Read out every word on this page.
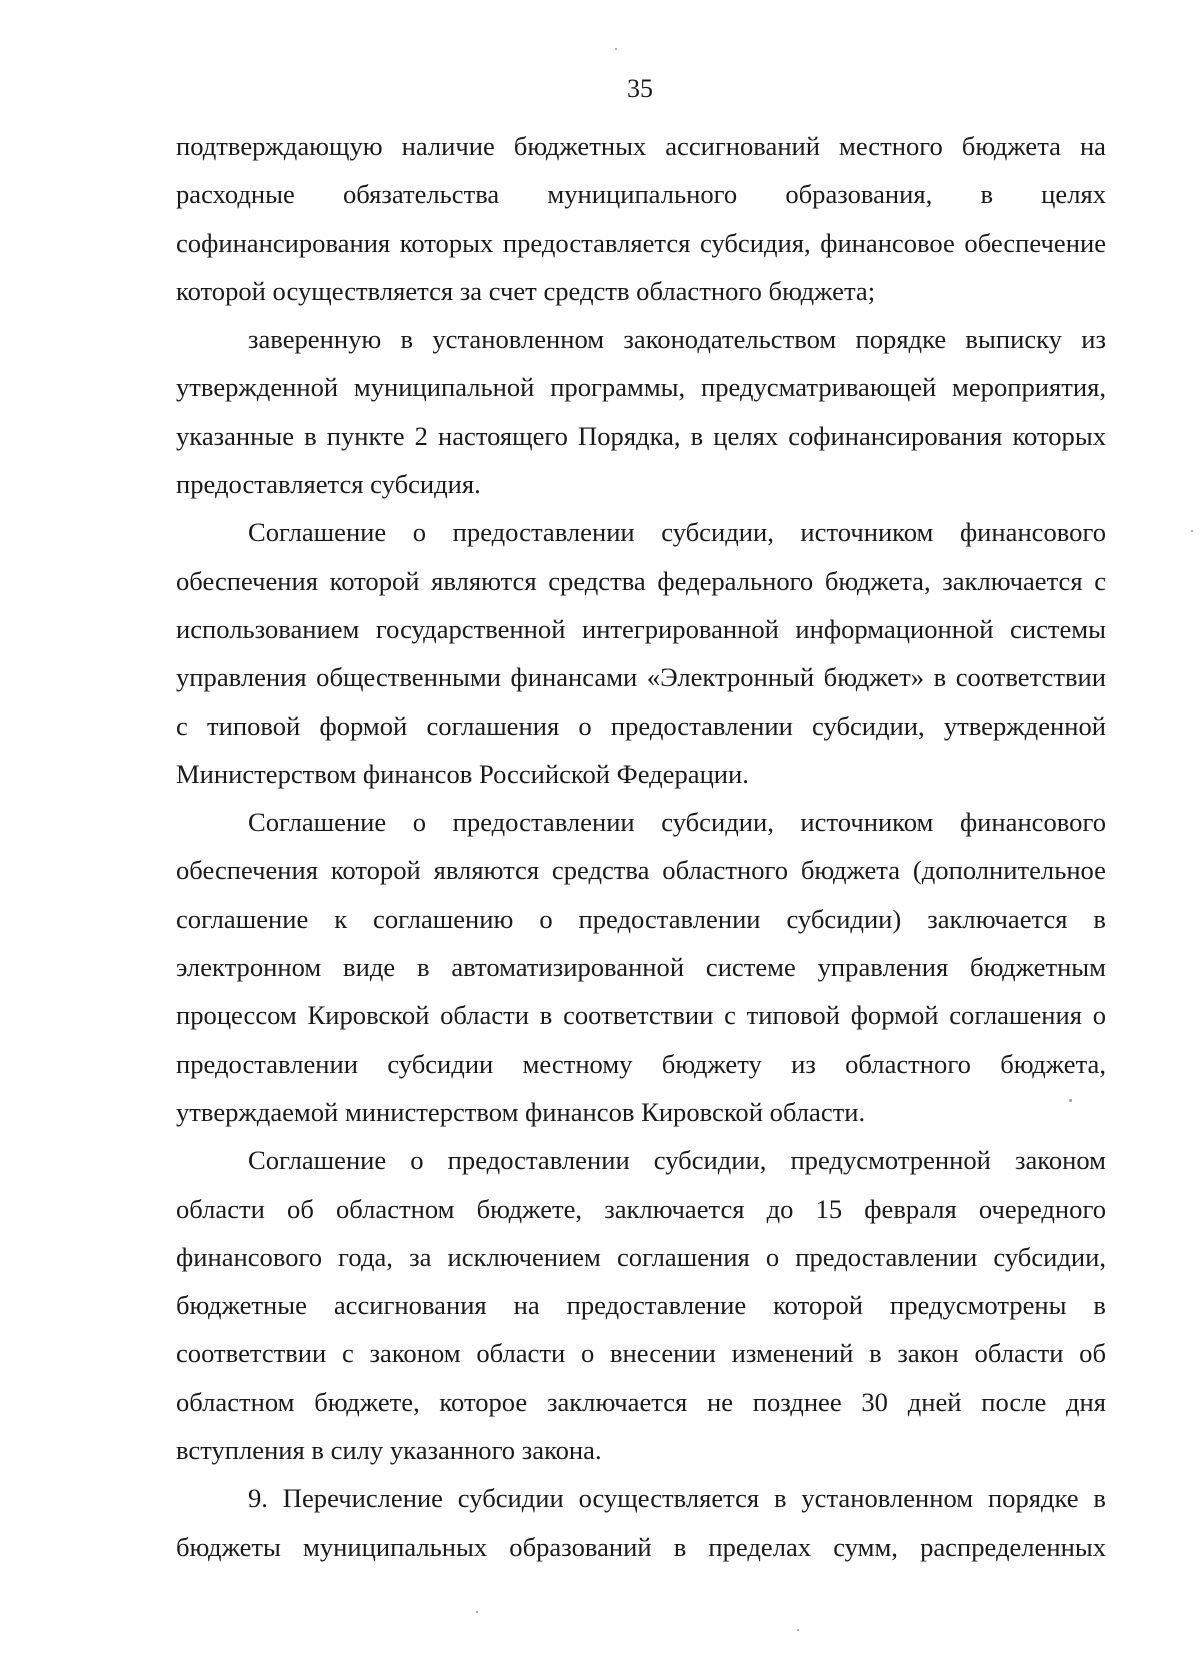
35

подтверждающую наличие бюджетных ассигнований местного бюджета на расходные обязательства муниципального образования, в целях софинансирования которых предоставляется субсидия, финансовое обеспечение которой осуществляется за счет средств областного бюджета;

заверенную в установленном законодательством порядке выписку из утвержденной муниципальной программы, предусматривающей мероприятия, указанные в пункте 2 настоящего Порядка, в целях софинансирования которых предоставляется субсидия.

Соглашение о предоставлении субсидии, источником финансового обеспечения которой являются средства федерального бюджета, заключается с использованием государственной интегрированной информационной системы управления общественными финансами «Электронный бюджет» в соответствии с типовой формой соглашения о предоставлении субсидии, утвержденной Министерством финансов Российской Федерации.

Соглашение о предоставлении субсидии, источником финансового обеспечения которой являются средства областного бюджета (дополнительное соглашение к соглашению о предоставлении субсидии) заключается в электронном виде в автоматизированной системе управления бюджетным процессом Кировской области в соответствии с типовой формой соглашения о предоставлении субсидии местному бюджету из областного бюджета, утверждаемой министерством финансов Кировской области.

Соглашение о предоставлении субсидии, предусмотренной законом области об областном бюджете, заключается до 15 февраля очередного финансового года, за исключением соглашения о предоставлении субсидии, бюджетные ассигнования на предоставление которой предусмотрены в соответствии с законом области о внесении изменений в закон области об областном бюджете, которое заключается не позднее 30 дней после дня вступления в силу указанного закона.

9. Перечисление субсидии осуществляется в установленном порядке в бюджеты муниципальных образований в пределах сумм, распределенных
